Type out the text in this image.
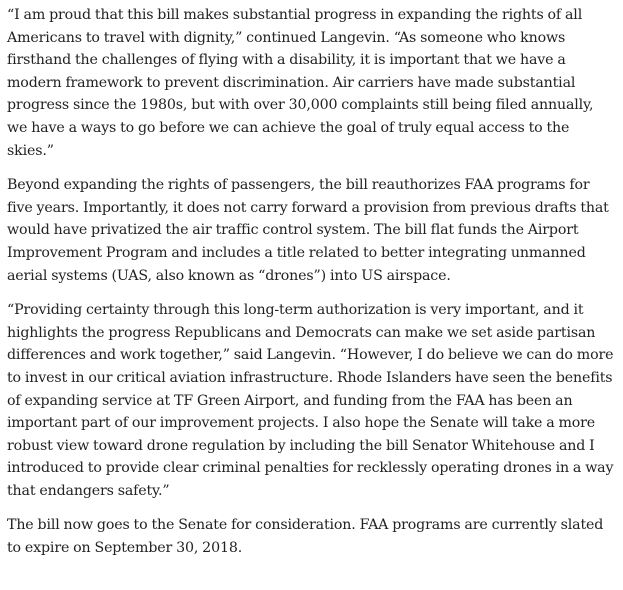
“I am proud that this bill makes substantial progress in expanding the rights of all Americans to travel with dignity,” continued Langevin. “As someone who knows firsthand the challenges of flying with a disability, it is important that we have a modern framework to prevent discrimination. Air carriers have made substantial progress since the 1980s, but with over 30,000 complaints still being filed annually, we have a ways to go before we can achieve the goal of truly equal access to the skies.”

Beyond expanding the rights of passengers, the bill reauthorizes FAA programs for five years. Importantly, it does not carry forward a provision from previous drafts that would have privatized the air traffic control system. The bill flat funds the Airport Improvement Program and includes a title related to better integrating unmanned aerial systems (UAS, also known as “drones”) into US airspace.

“Providing certainty through this long-term authorization is very important, and it highlights the progress Republicans and Democrats can make we set aside partisan differences and work together,” said Langevin. “However, I do believe we can do more to invest in our critical aviation infrastructure. Rhode Islanders have seen the benefits of expanding service at TF Green Airport, and funding from the FAA has been an important part of our improvement projects. I also hope the Senate will take a more robust view toward drone regulation by including the bill Senator Whitehouse and I introduced to provide clear criminal penalties for recklessly operating drones in a way that endangers safety.”

The bill now goes to the Senate for consideration. FAA programs are currently slated to expire on September 30, 2018.
